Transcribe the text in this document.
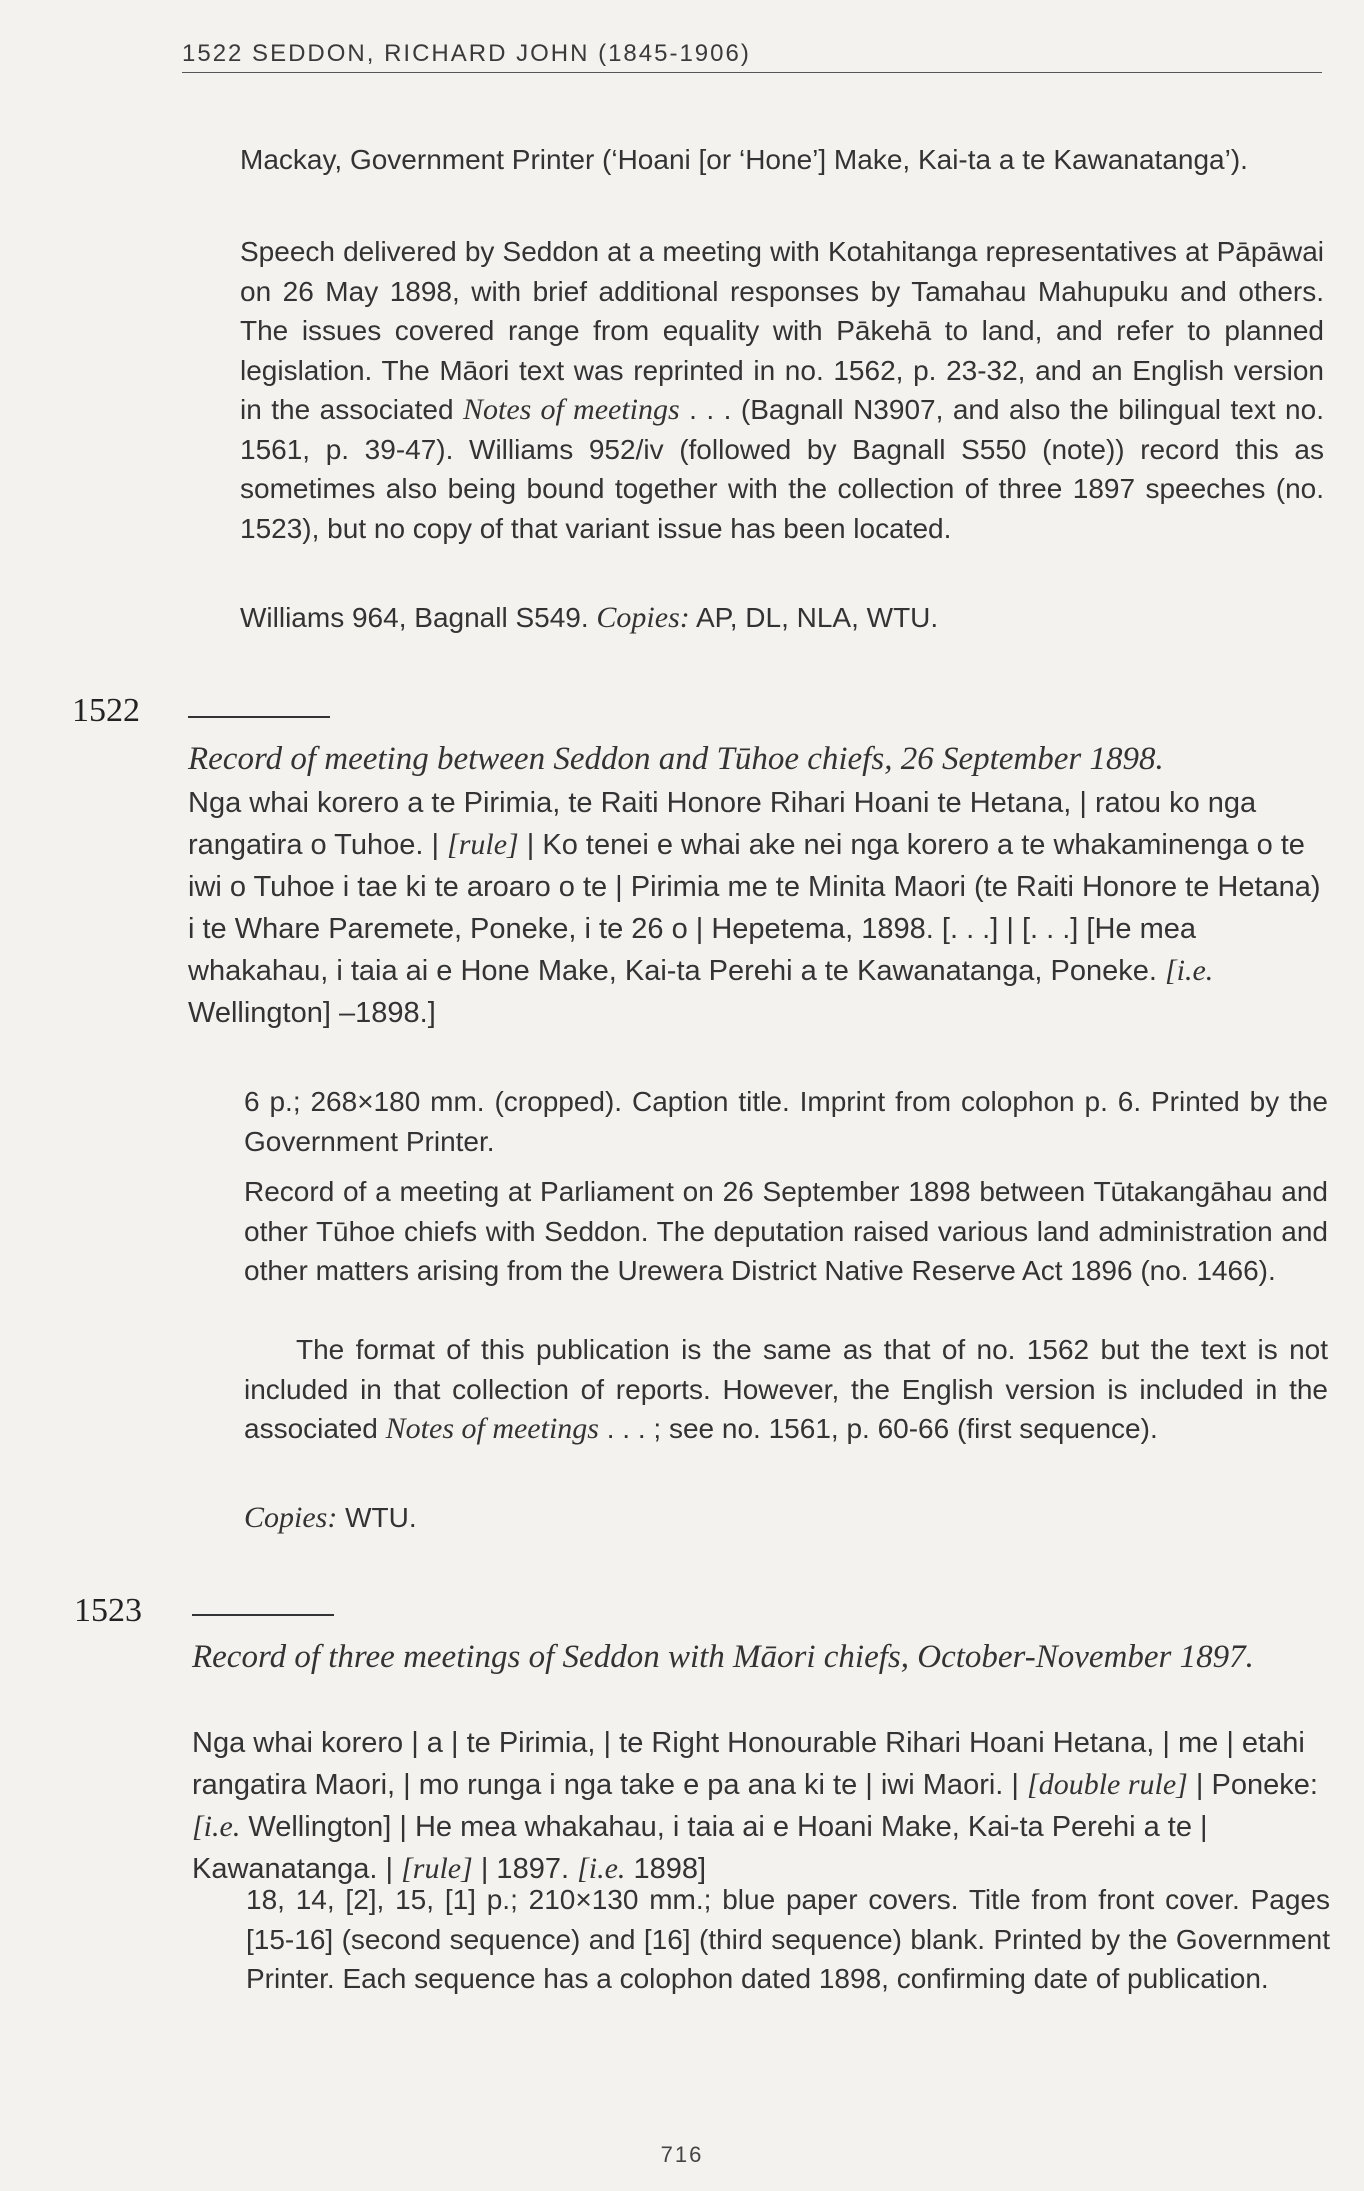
1522 SEDDON, RICHARD JOHN (1845-1906)

Mackay, Government Printer (‘Hoani [or ‘Hone’] Make, Kai-ta a te Kawanatanga’).

Speech delivered by Seddon at a meeting with Kotahitanga representatives at Pāpāwai on 26 May 1898, with brief additional responses by Tamahau Mahupuku and others. The issues covered range from equality with Pākehā to land, and refer to planned legislation. The Māori text was reprinted in no. 1562, p. 23-32, and an English version in the associated Notes of meetings . . . (Bagnall N3907, and also the bilingual text no. 1561, p. 39-47). Williams 952/iv (followed by Bagnall S550 (note)) record this as sometimes also being bound together with the collection of three 1897 speeches (no. 1523), but no copy of that variant issue has been located.

Williams 964, Bagnall S549. Copies: AP, DL, NLA, WTU.

1522

Record of meeting between Seddon and Tūhoe chiefs, 26 September 1898.

Nga whai korero a te Pirimia, te Raiti Honore Rihari Hoani te Hetana, | ratou ko nga rangatira o Tuhoe. | [rule] | Ko tenei e whai ake nei nga korero a te whakaminenga o te iwi o Tuhoe i tae ki te aroaro o te | Pirimia me te Minita Maori (te Raiti Honore te Hetana) i te Whare Paremete, Poneke, i te 26 o | Hepetema, 1898. [. . .] | [. . .] [He mea whakahau, i taia ai e Hone Make, Kai-ta Perehi a te Kawanatanga, Poneke. [i.e. Wellington] –1898.]

6 p.; 268×180 mm. (cropped). Caption title. Imprint from colophon p. 6. Printed by the Government Printer.

Record of a meeting at Parliament on 26 September 1898 between Tūtakangāhau and other Tūhoe chiefs with Seddon. The deputation raised various land administration and other matters arising from the Urewera District Native Reserve Act 1896 (no. 1466).

The format of this publication is the same as that of no. 1562 but the text is not included in that collection of reports. However, the English version is included in the associated Notes of meetings . . . ; see no. 1561, p. 60-66 (first sequence).

Copies: WTU.

1523

Record of three meetings of Seddon with Māori chiefs, October-November 1897.

Nga whai korero | a | te Pirimia, | te Right Honourable Rihari Hoani Hetana, | me | etahi rangatira Maori, | mo runga i nga take e pa ana ki te | iwi Maori. | [double rule] | Poneke: [i.e. Wellington] | He mea whakahau, i taia ai e Hoani Make, Kai-ta Perehi a te | Kawanatanga. | [rule] | 1897. [i.e. 1898]

18, 14, [2], 15, [1] p.; 210×130 mm.; blue paper covers. Title from front cover. Pages [15-16] (second sequence) and [16] (third sequence) blank. Printed by the Government Printer. Each sequence has a colophon dated 1898, confirming date of publication.

716
